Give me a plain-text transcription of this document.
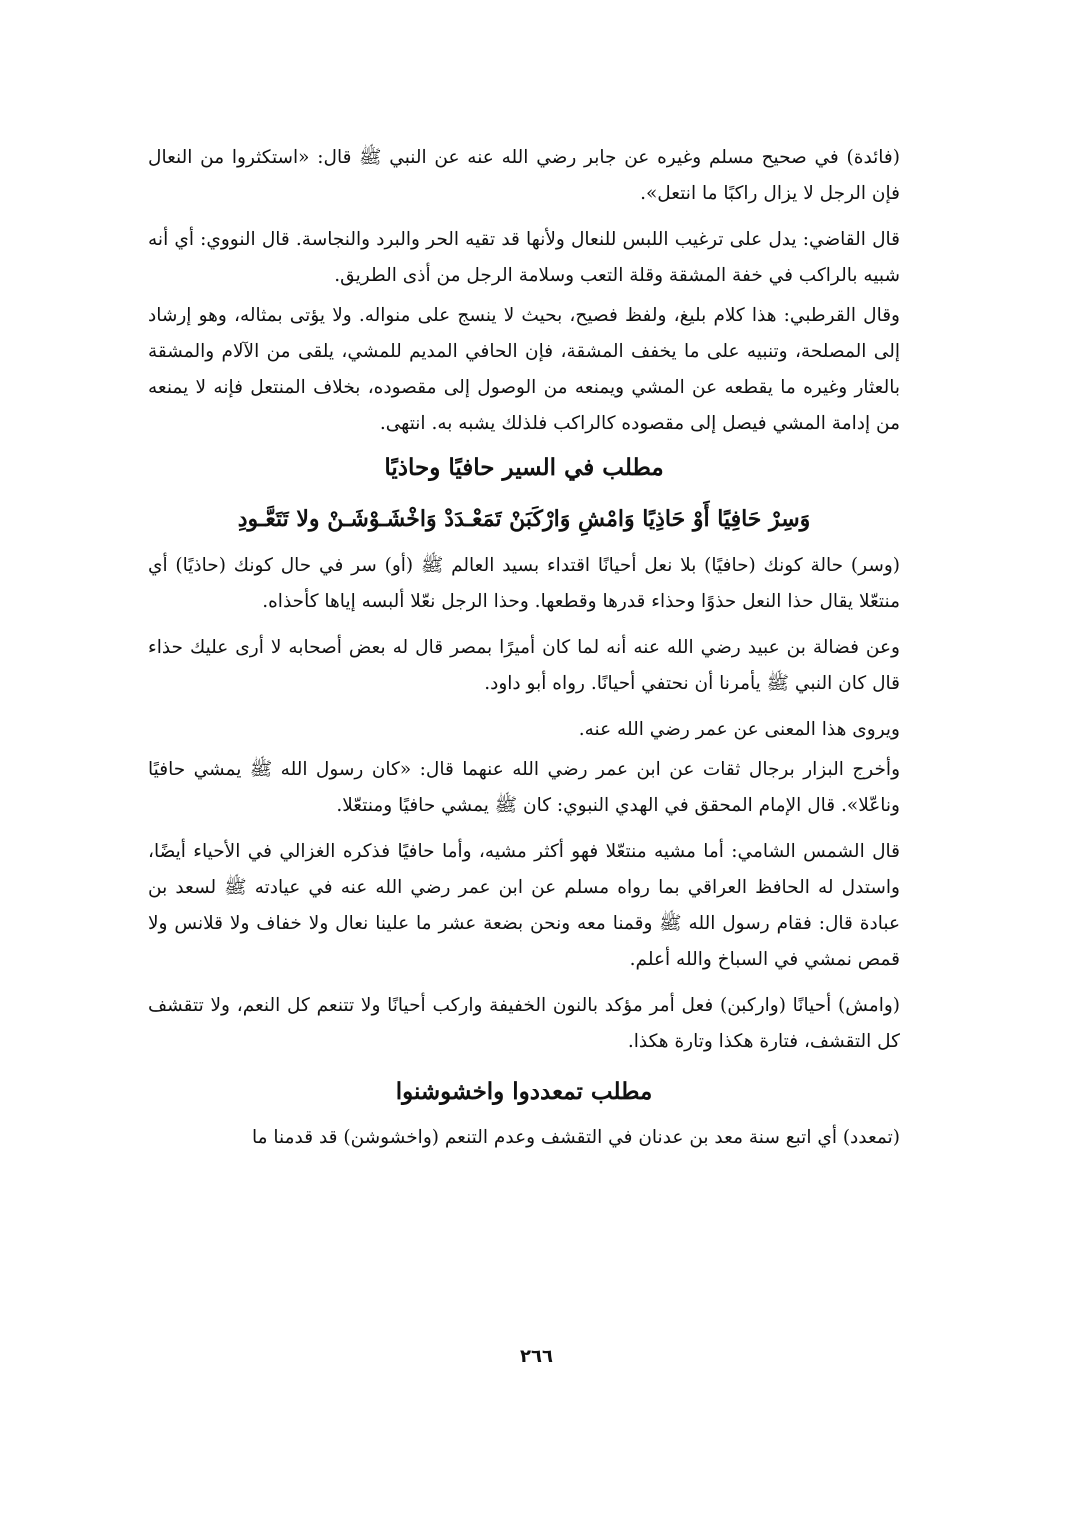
(فائدة) في صحيح مسلم وغيره عن جابر رضي الله عنه عن النبي ﷺ قال: «استكثروا من النعال فإن الرجل لا يزال راكبًا ما انتعل».

قال القاضي: يدل على ترغيب اللبس للنعال ولأنها قد تقيه الحر والبرد والنجاسة. قال النووي: أي أنه شبيه بالراكب في خفة المشقة وقلة التعب وسلامة الرجل من أذى الطريق.

وقال القرطبي: هذا كلام بليغ، ولفظ فصيح، بحيث لا ينسج على منواله. ولا يؤتى بمثاله، وهو إرشاد إلى المصلحة، وتنبيه على ما يخفف المشقة، فإن الحافي المديم للمشي، يلقى من الآلام والمشقة بالعثار وغيره ما يقطعه عن المشي ويمنعه من الوصول إلى مقصوده، بخلاف المنتعل فإنه لا يمنعه من إدامة المشي فيصل إلى مقصوده كالراكب فلذلك يشبه به. انتهى.

مطلب في السير حافيًا وحاذيًا

وَسِرْ حَافِيًا أَوْ حَاذِيًا وَامْشِ وَارْكَبَنْ تَمَعْـدَدْ وَاخْشَـوْشَـنْ ولا تَتَعَّـودِ

(وسر) حالة كونك (حافيًا) بلا نعل أحيانًا اقتداء بسيد العالم ﷺ (أو) سر في حال كونك (حاذيًا) أي منتعّلا يقال حذا النعل حذوًا وحذاء قدرها وقطعها. وحذا الرجل نعّلا ألبسه إياها كأحذاه.

وعن فضالة بن عبيد رضي الله عنه أنه لما كان أميرًا بمصر قال له بعض أصحابه لا أرى عليك حذاء قال كان النبي ﷺ يأمرنا أن نحتفي أحيانًا. رواه أبو داود.

ويروى هذا المعنى عن عمر رضي الله عنه.

وأخرج البزار برجال ثقات عن ابن عمر رضي الله عنهما قال: «كان رسول الله ﷺ يمشي حافيًا وناعّلا». قال الإمام المحقق في الهدي النبوي: كان ﷺ يمشي حافيًا ومنتعّلا.

قال الشمس الشامي: أما مشيه منتعّلا فهو أكثر مشيه، وأما حافيًا فذكره الغزالي في الأحياء أيضًا، واستدل له الحافظ العراقي بما رواه مسلم عن ابن عمر رضي الله عنه في عيادته ﷺ لسعد بن عبادة قال: فقام رسول الله ﷺ وقمنا معه ونحن بضعة عشر ما علينا نعال ولا خفاف ولا قلانس ولا قمص نمشي في السباخ والله أعلم.

(وامش) أحيانًا (واركبن) فعل أمر مؤكد بالنون الخفيفة واركب أحيانًا ولا تتنعم كل النعم، ولا تتقشف كل التقشف، فتارة هكذا وتارة هكذا.

مطلب تمعددوا واخشوشنوا

(تمعدد) أي اتبع سنة معد بن عدنان في التقشف وعدم التنعم (واخشوشن) قد قدمنا ما

٢٦٦
